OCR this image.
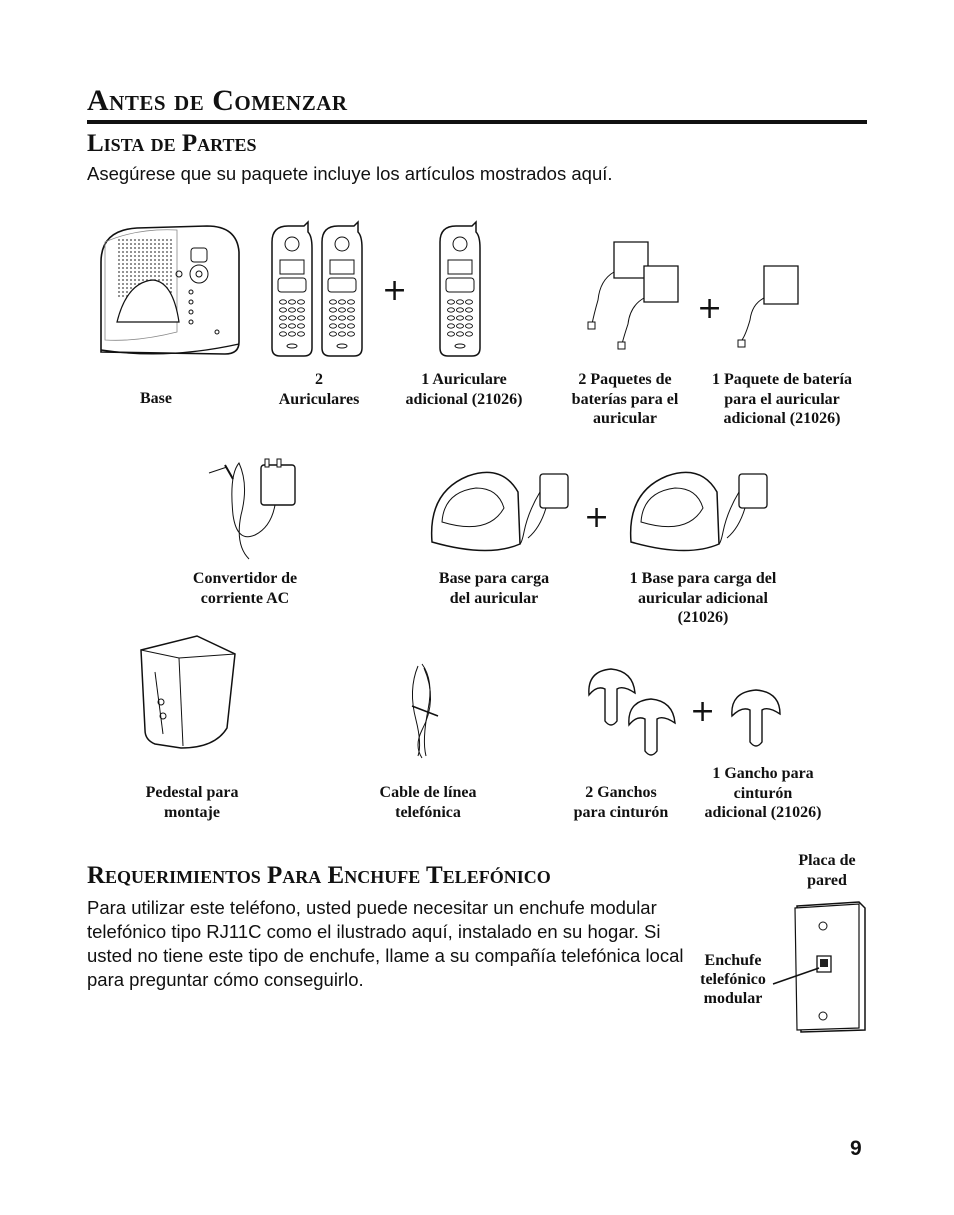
Antes de Comenzar
Lista de Partes
Asegúrese que su paquete incluye los artículos mostrados aquí.
+
+
+
+
Base
2
Auriculares
1 Auriculare
adicional (21026)
2 Paquetes de
baterías para el
auricular
1 Paquete de batería
para el auricular
adicional (21026)
Convertidor de
corriente AC
Base para carga
del auricular
1 Base para carga del
auricular adicional
(21026)
Pedestal para
montaje
Cable de línea
telefónica
2 Ganchos
para cinturón
1 Gancho para
cinturón
adicional (21026)
Requerimientos Para Enchufe Telefónico
Para utilizar este teléfono, usted puede necesitar un enchufe modular telefónico tipo RJ11C como el ilustrado aquí, instalado en su hogar. Si usted no tiene este tipo de enchufe, llame a su compañía telefónica local para preguntar cómo conseguirlo.
Placa de
pared
Enchufe
telefónico
modular
9
